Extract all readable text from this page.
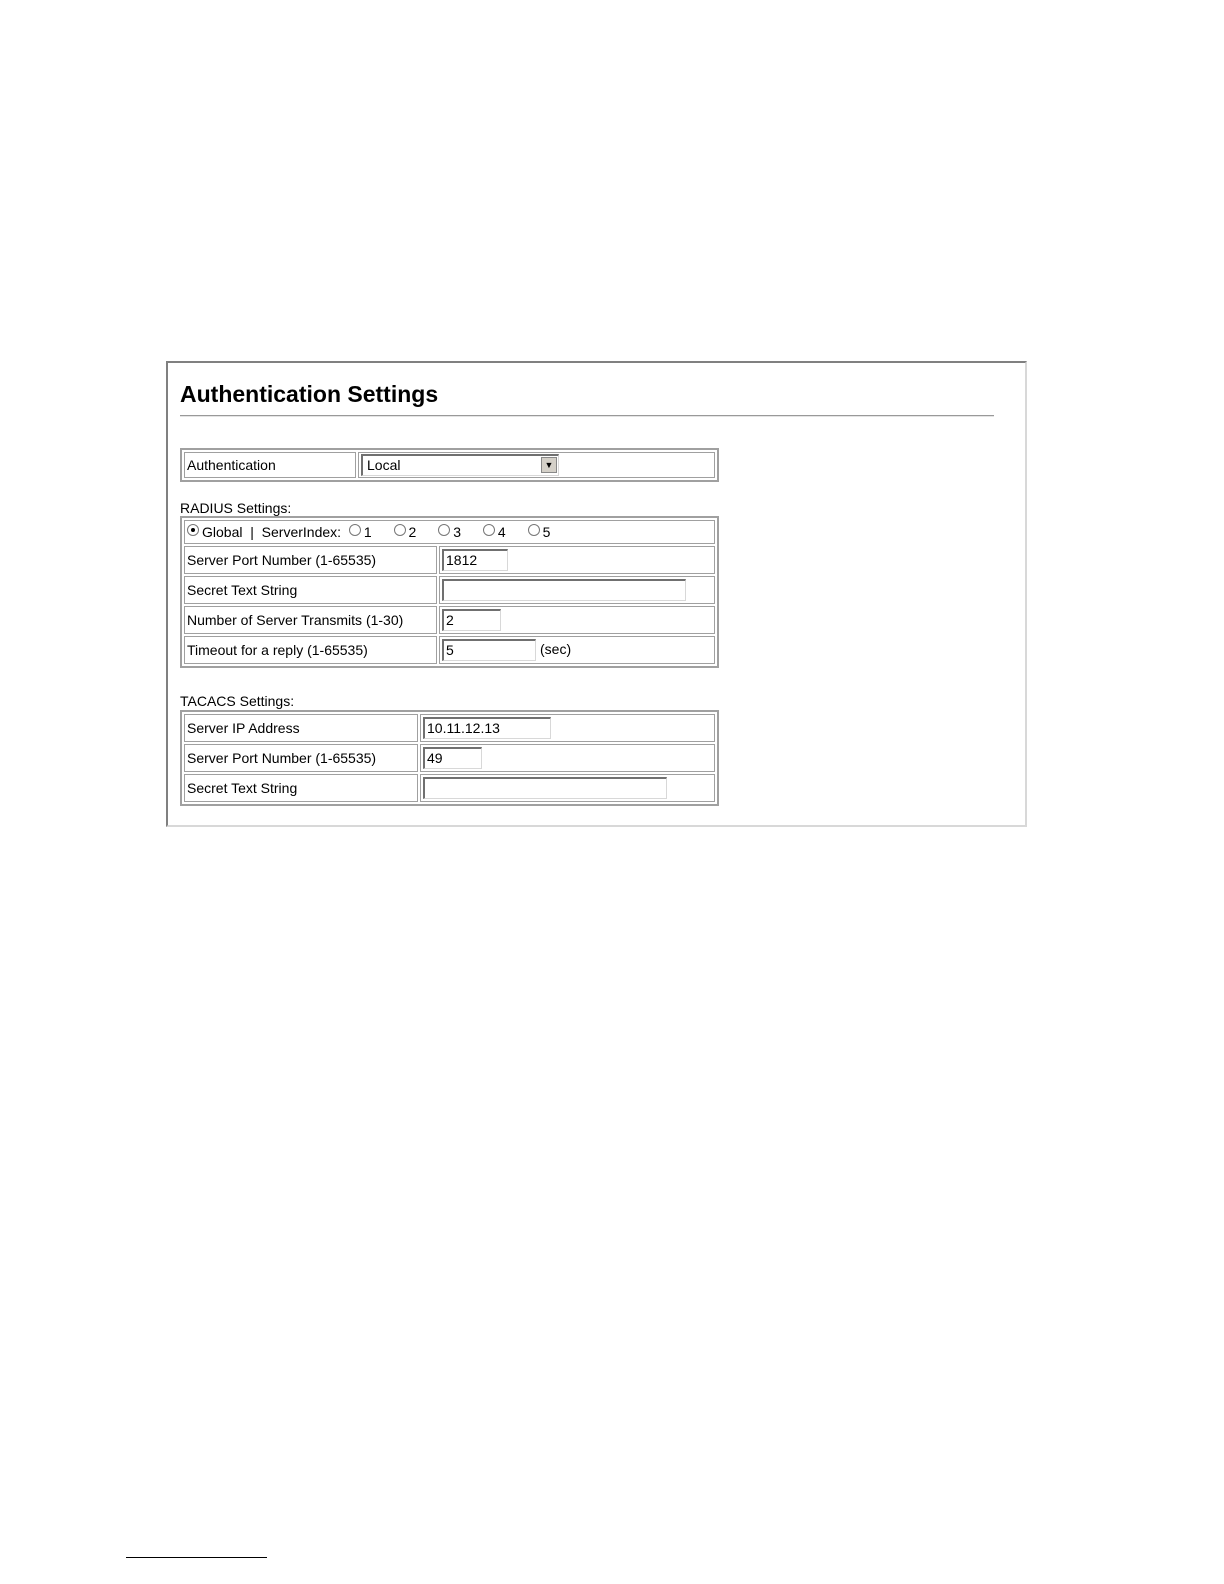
Authentication Settings
Authentication	Local	▼
RADIUS Settings:
Global | ServerIndex: 1 2 3 4 5	
Server Port Number (1-65535)	1812
Secret Text String	
Number of Server Transmits (1-30)	2
Timeout for a reply (1-65535)	5 (sec)
TACACS Settings:
Server IP Address	10.11.12.13
Server Port Number (1-65535)	49
Secret Text String	
